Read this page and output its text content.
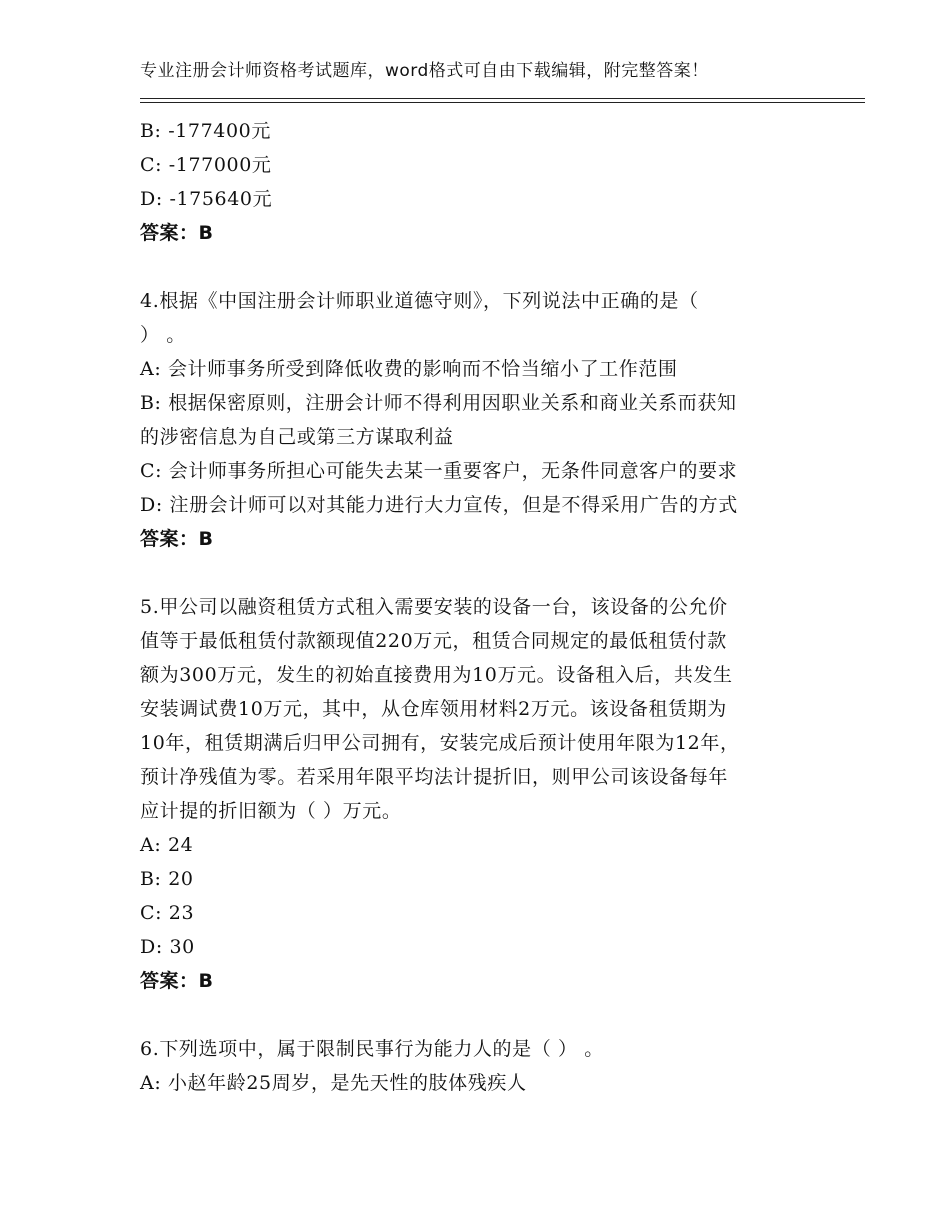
专业注册会计师资格考试题库，word格式可自由下载编辑，附完整答案！
B: -177400元
C: -177000元
D: -175640元
答案：B
4.根据《中国注册会计师职业道德守则》，下列说法中正确的是（
） 。
A: 会计师事务所受到降低收费的影响而不恰当缩小了工作范围
B: 根据保密原则，注册会计师不得利用因职业关系和商业关系而获知
的涉密信息为自己或第三方谋取利益
C: 会计师事务所担心可能失去某一重要客户，无条件同意客户的要求
D: 注册会计师可以对其能力进行大力宣传，但是不得采用广告的方式
答案：B
5.甲公司以融资租赁方式租入需要安装的设备一台，该设备的公允价
值等于最低租赁付款额现值220万元，租赁合同规定的最低租赁付款
额为300万元，发生的初始直接费用为10万元。设备租入后，共发生
安装调试费10万元，其中，从仓库领用材料2万元。该设备租赁期为
10年，租赁期满后归甲公司拥有，安装完成后预计使用年限为12年，
预计净残值为零。若采用年限平均法计提折旧，则甲公司该设备每年
应计提的折旧额为（ ）万元。
A: 24
B: 20
C: 23
D: 30
答案：B
6.下列选项中，属于限制民事行为能力人的是（ ） 。
A: 小赵年龄25周岁，是先天性的肢体残疾人
